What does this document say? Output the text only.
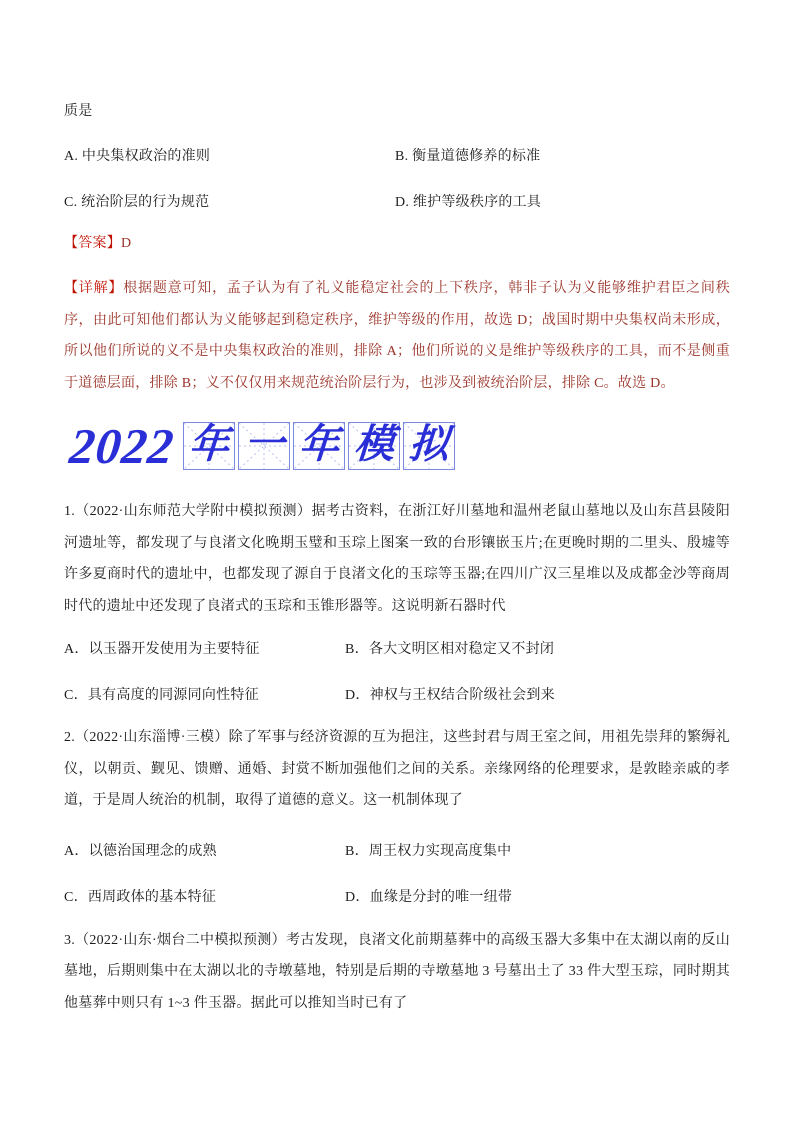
质是

A. 中央集权政治的准则	B. 衡量道德修养的标准
C. 统治阶层的行为规范	D. 维护等级秩序的工具

【答案】D

【详解】根据题意可知，孟子认为有了礼义能稳定社会的上下秩序，韩非子认为义能够维护君臣之间秩序，由此可知他们都认为义能够起到稳定秩序，维护等级的作用，故选 D；战国时期中央集权尚未形成，所以他们所说的义不是中央集权政治的准则，排除 A；他们所说的义是维护等级秩序的工具，而不是侧重于道德层面，排除 B；义不仅仅用来规范统治阶层行为，也涉及到被统治阶层，排除 C。故选 D。

2022 年 一 年 模 拟

1.（2022·山东师范大学附中模拟预测）据考古资料，在浙江好川墓地和温州老鼠山墓地以及山东莒县陵阳河遗址等，都发现了与良渚文化晚期玉璧和玉琮上图案一致的台形镶嵌玉片;在更晚时期的二里头、殷墟等许多夏商时代的遗址中，也都发现了源自于良渚文化的玉琮等玉器;在四川广汉三星堆以及成都金沙等商周时代的遗址中还发现了良渚式的玉琮和玉锥形器等。这说明新石器时代

A．以玉器开发使用为主要特征	B．各大文明区相对稳定又不封闭
C．具有高度的同源同向性特征	D．神权与王权结合阶级社会到来

2.（2022·山东淄博·三模）除了军事与经济资源的互为挹注，这些封君与周王室之间，用祖先崇拜的繁缛礼仪，以朝贡、觐见、馈赠、通婚、封赏不断加强他们之间的关系。亲缘网络的伦理要求，是敦睦亲戚的孝道，于是周人统治的机制，取得了道德的意义。这一机制体现了

A．以德治国理念的成熟	B．周王权力实现高度集中
C．西周政体的基本特征	D．血缘是分封的唯一纽带

3.（2022·山东·烟台二中模拟预测）考古发现，良渚文化前期墓葬中的高级玉器大多集中在太湖以南的反山墓地，后期则集中在太湖以北的寺墩墓地，特别是后期的寺墩墓地 3 号墓出土了 33 件大型玉琮，同时期其他墓葬中则只有 1~3 件玉器。据此可以推知当时已有了
